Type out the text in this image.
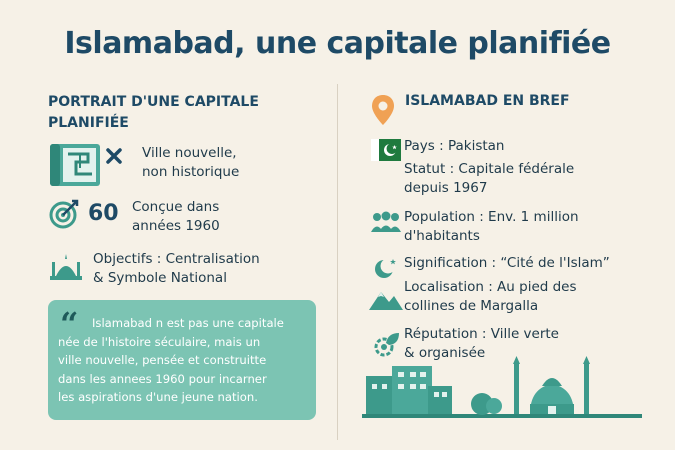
Islamabad, une capitale planifiée
PORTRAIT D'UNE CAPITALE PLANIFIÉE
Ville nouvelle,
non historique
60 Conçue dans
années 1960
Objectifs : Centralisation
& Symbole National
“ Islamabad n est pas une capitale
née de l'histoire séculaire, mais un
ville nouvelle, pensée et construitte
dans les annees 1960 pour incarner
les aspirations d'une jeune nation.
ISLAMABAD EN BREF
Pays : Pakistan
Statut : Capitale fédérale
depuis 1967
Population : Env. 1 million
d'habitants
Signification : “Cité de l'Islam”
Localisation : Au pied des
collines de Margalla
Réputation : Ville verte
& organisée
